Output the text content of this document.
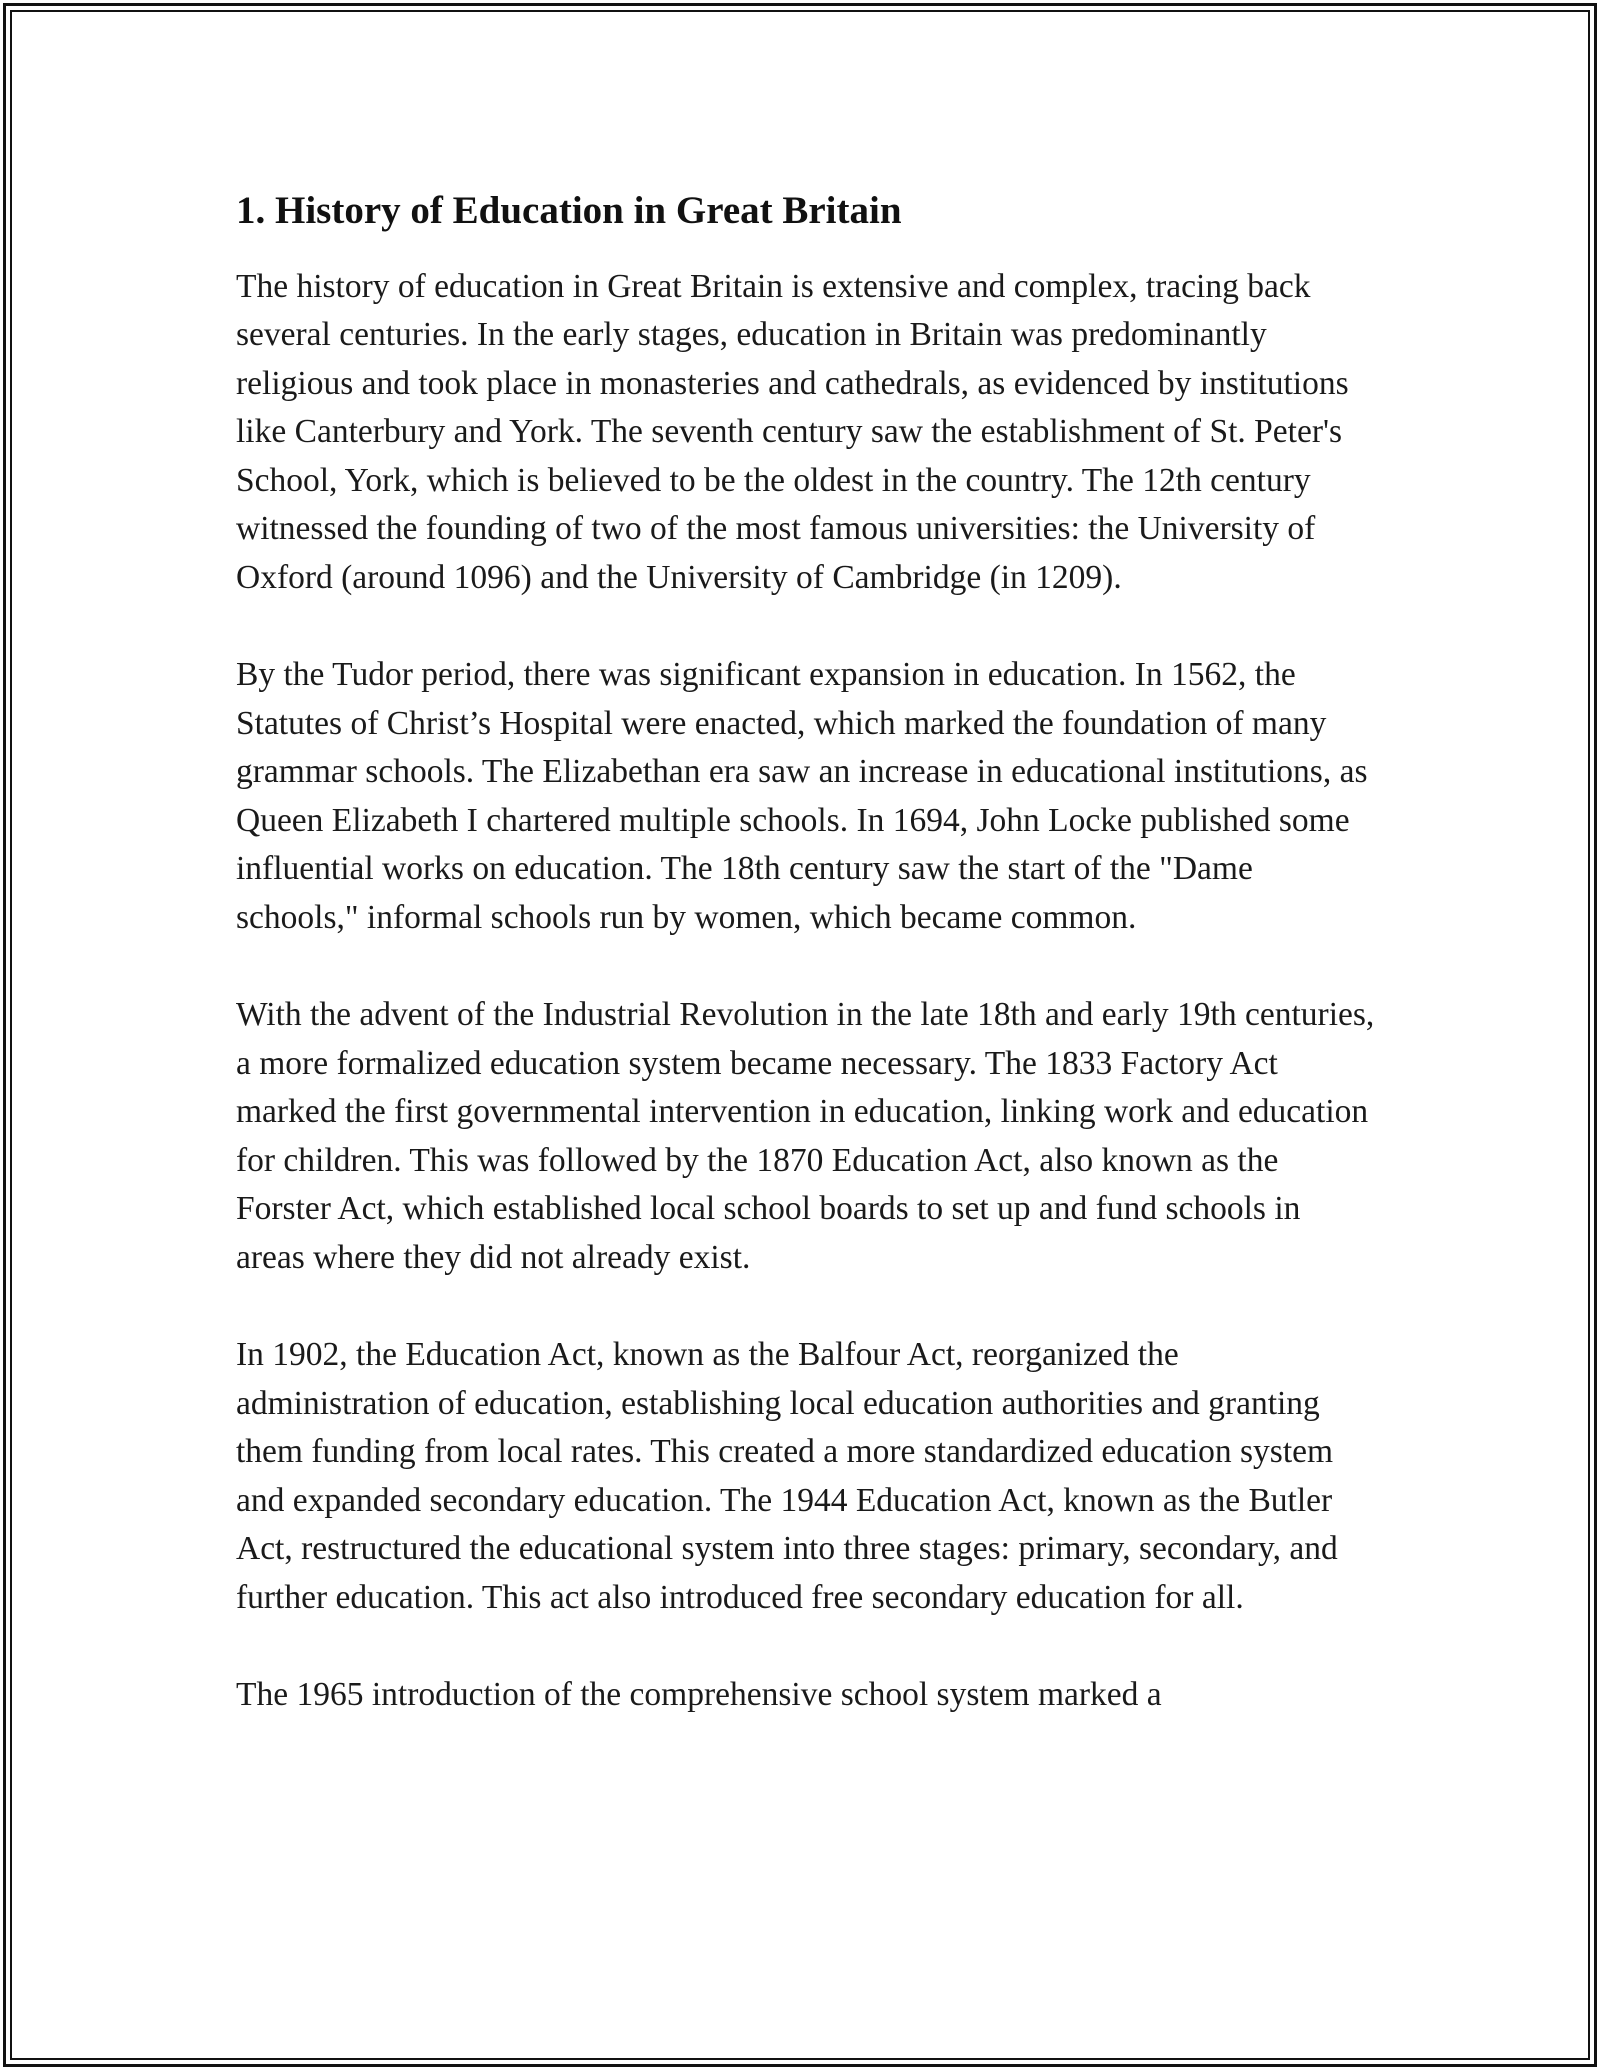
1. History of Education in Great Britain

The history of education in Great Britain is extensive and complex, tracing back several centuries. In the early stages, education in Britain was predominantly religious and took place in monasteries and cathedrals, as evidenced by institutions like Canterbury and York. The seventh century saw the establishment of St. Peter's School, York, which is believed to be the oldest in the country. The 12th century witnessed the founding of two of the most famous universities: the University of Oxford (around 1096) and the University of Cambridge (in 1209).

By the Tudor period, there was significant expansion in education. In 1562, the Statutes of Christ’s Hospital were enacted, which marked the foundation of many grammar schools. The Elizabethan era saw an increase in educational institutions, as Queen Elizabeth I chartered multiple schools. In 1694, John Locke published some influential works on education. The 18th century saw the start of the "Dame schools," informal schools run by women, which became common.

With the advent of the Industrial Revolution in the late 18th and early 19th centuries, a more formalized education system became necessary. The 1833 Factory Act marked the first governmental intervention in education, linking work and education for children. This was followed by the 1870 Education Act, also known as the Forster Act, which established local school boards to set up and fund schools in areas where they did not already exist.

In 1902, the Education Act, known as the Balfour Act, reorganized the administration of education, establishing local education authorities and granting them funding from local rates. This created a more standardized education system and expanded secondary education. The 1944 Education Act, known as the Butler Act, restructured the educational system into three stages: primary, secondary, and further education. This act also introduced free secondary education for all.

The 1965 introduction of the comprehensive school system marked a
